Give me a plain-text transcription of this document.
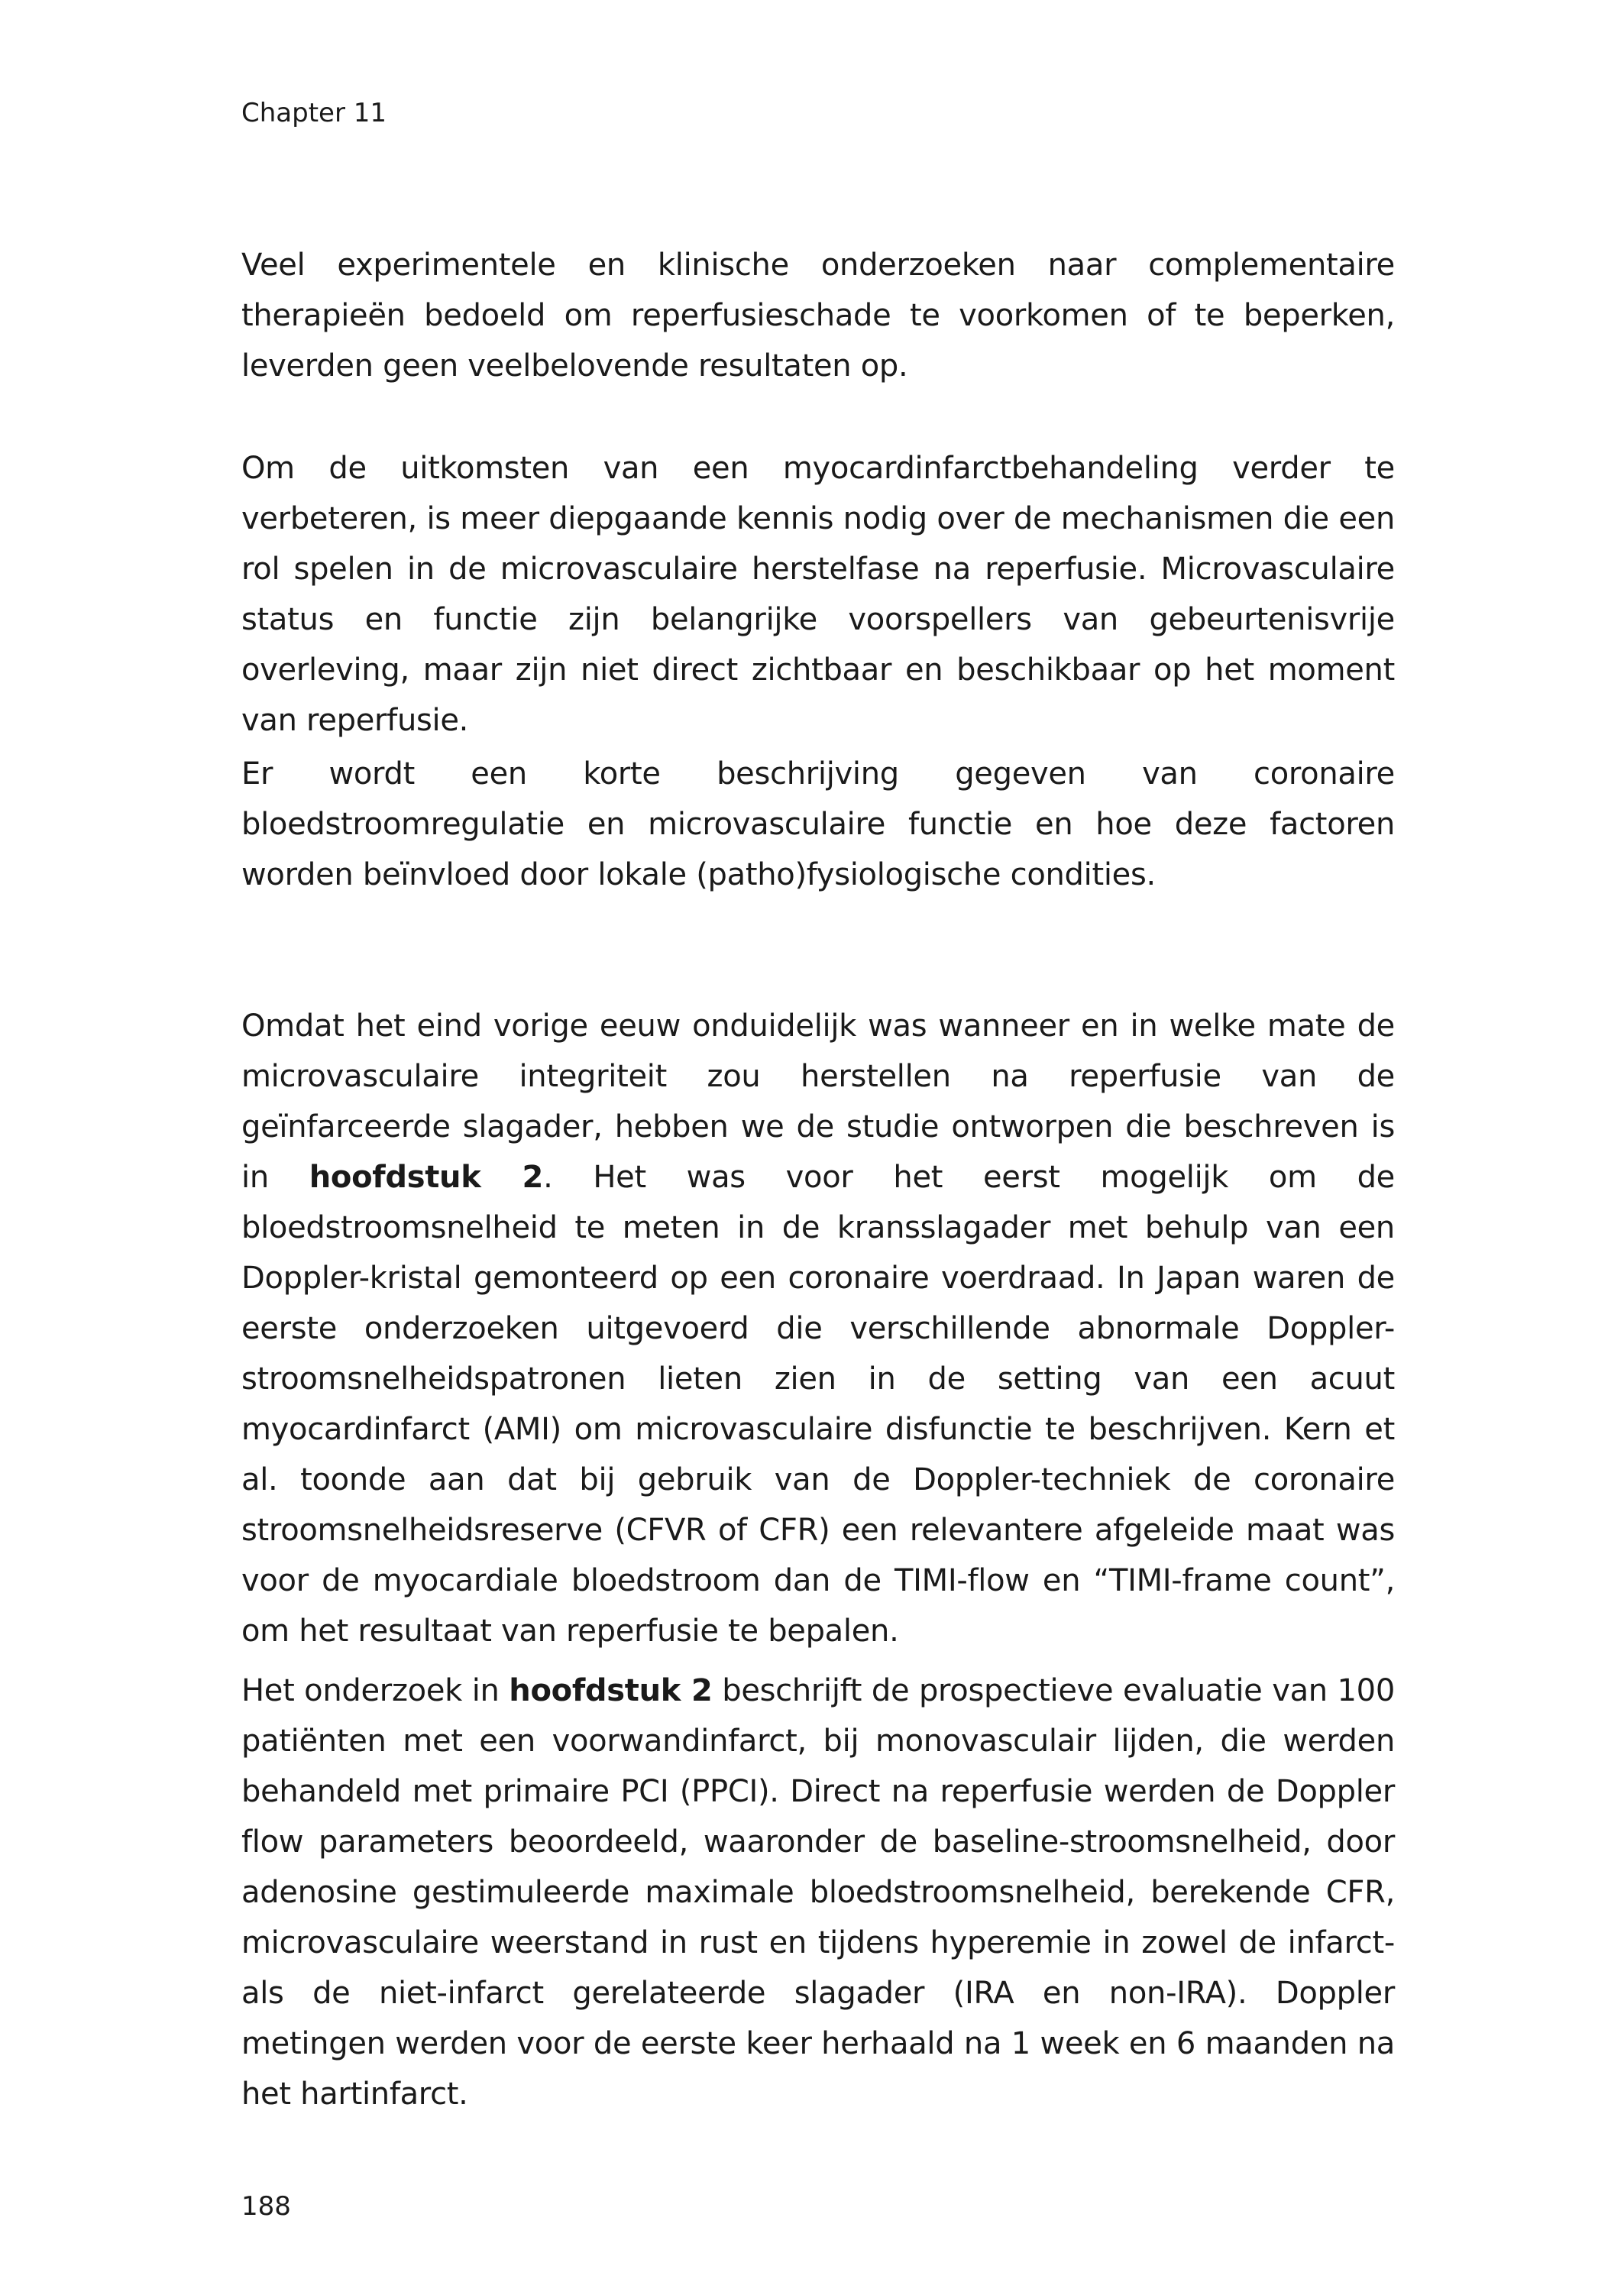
Chapter 11

Veel experimentele en klinische onderzoeken naar complementaire therapieën bedoeld om reperfusieschade te voorkomen of te beperken, leverden geen veelbelovende resultaten op.

Om de uitkomsten van een myocardinfarctbehandeling verder te verbeteren, is meer diepgaande kennis nodig over de mechanismen die een rol spelen in de microvasculaire herstelfase na reperfusie. Microvasculaire status en functie zijn belangrijke voorspellers van gebeurtenisvrije overleving, maar zijn niet direct zichtbaar en beschikbaar op het moment van reperfusie.

Er wordt een korte beschrijving gegeven van coronaire bloedstroomregulatie en microvasculaire functie en hoe deze factoren worden beïnvloed door lokale (patho)fysiologische condities.

Omdat het eind vorige eeuw onduidelijk was wanneer en in welke mate de microvasculaire integriteit zou herstellen na reperfusie van de geïnfarceerde slagader, hebben we de studie ontworpen die beschreven is in hoofdstuk 2. Het was voor het eerst mogelijk om de bloedstroomsnelheid te meten in de kransslagader met behulp van een Doppler-kristal gemonteerd op een coronaire voerdraad. In Japan waren de eerste onderzoeken uitgevoerd die verschillende abnormale Doppler-stroomsnelheidspatronen lieten zien in de setting van een acuut myocardinfarct (AMI) om microvasculaire disfunctie te beschrijven. Kern et al. toonde aan dat bij gebruik van de Doppler-techniek de coronaire stroomsnelheidsreserve (CFVR of CFR) een relevantere afgeleide maat was voor de myocardiale bloedstroom dan de TIMI-flow en “TIMI-frame count”, om het resultaat van reperfusie te bepalen.

Het onderzoek in hoofdstuk 2 beschrijft de prospectieve evaluatie van 100 patiënten met een voorwandinfarct, bij monovasculair lijden, die werden behandeld met primaire PCI (PPCI). Direct na reperfusie werden de Doppler flow parameters beoordeeld, waaronder de baseline-stroomsnelheid, door adenosine gestimuleerde maximale bloedstroomsnelheid, berekende CFR, microvasculaire weerstand in rust en tijdens hyperemie in zowel de infarct-als de niet-infarct gerelateerde slagader (IRA en non-IRA). Doppler metingen werden voor de eerste keer herhaald na 1 week en 6 maanden na het hartinfarct.

188
